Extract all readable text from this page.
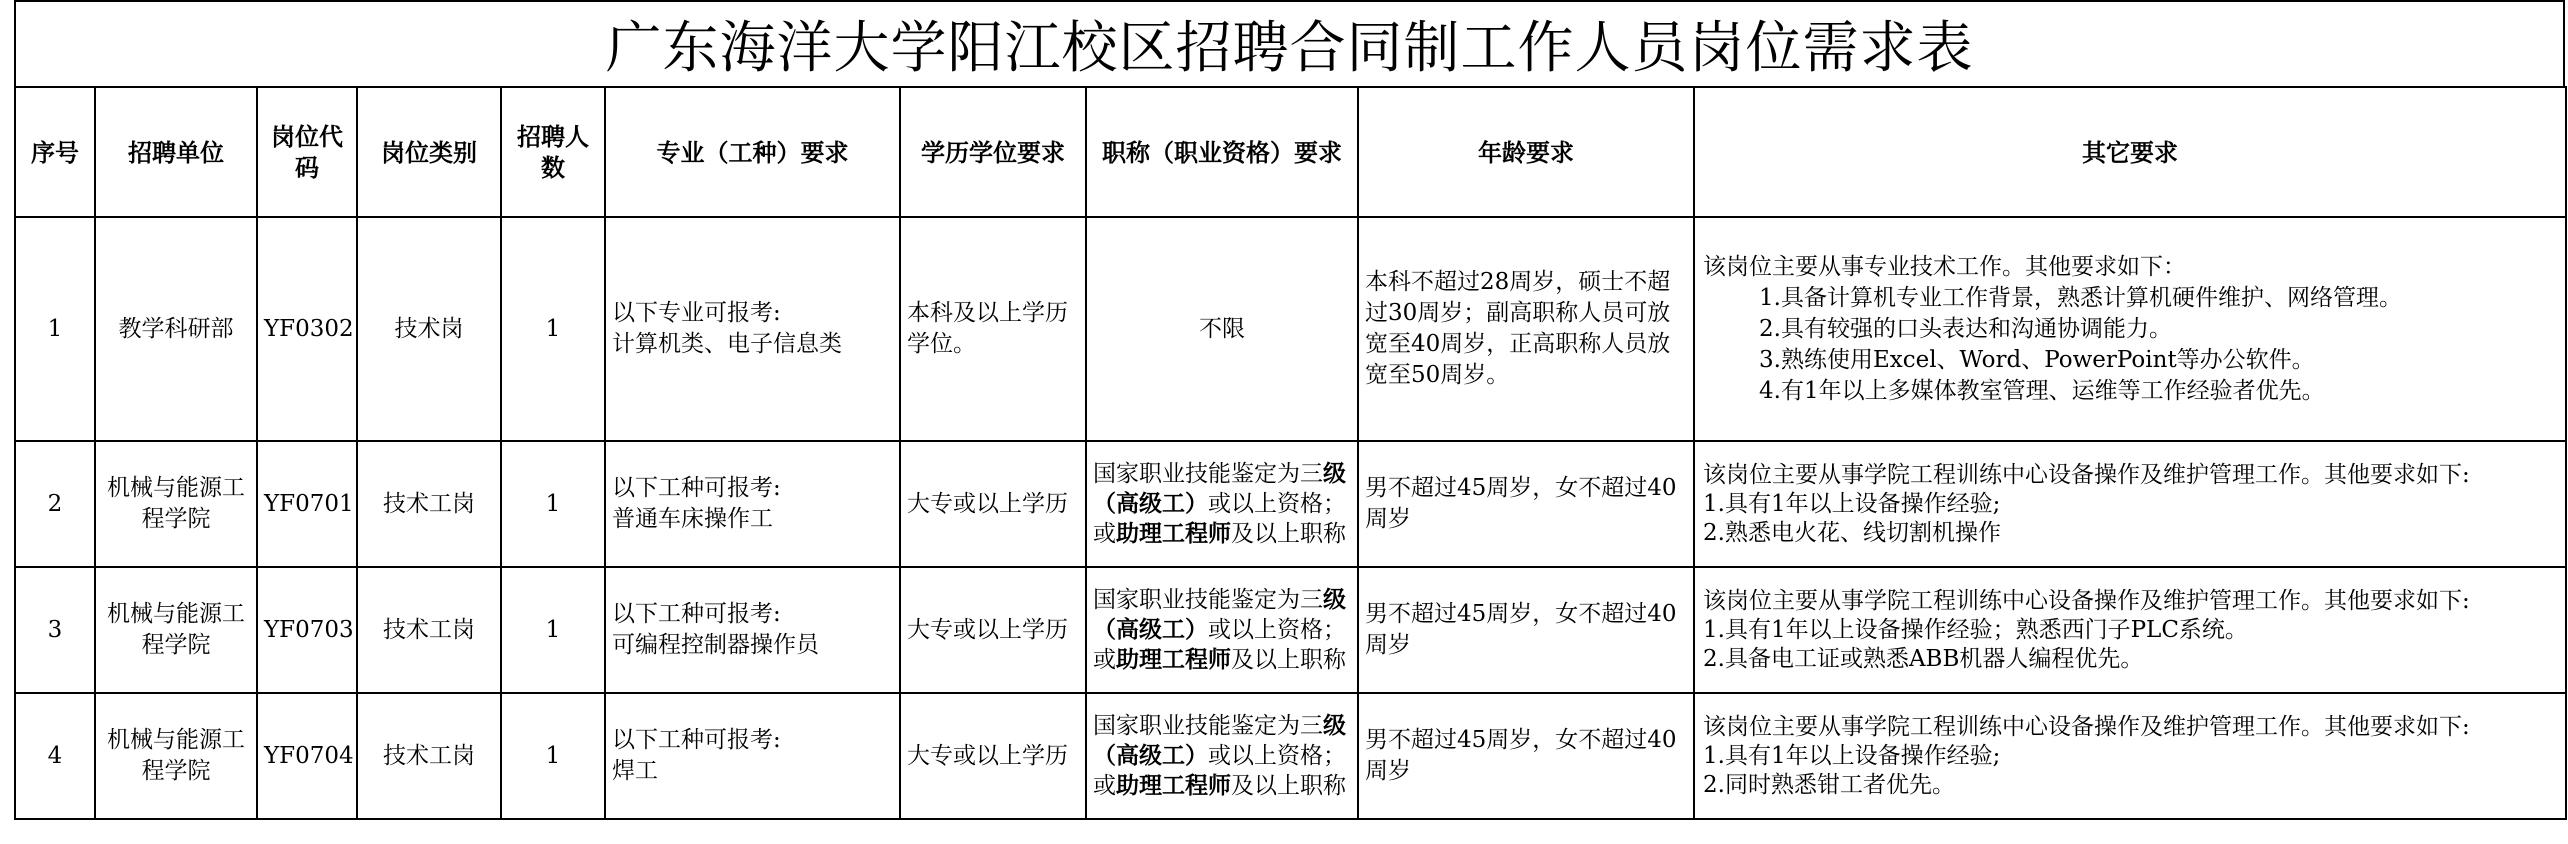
广东海洋大学阳江校区招聘合同制工作人员岗位需求表
序号	招聘单位	岗位代码	岗位类别	招聘人数	专业（工种）要求	学历学位要求	职称（职业资格）要求	年龄要求	其它要求
1	教学科研部	YF0302	技术岗	1	以下专业可报考:
计算机类、电子信息类	本科及以上学历学位。	不限	本科不超过28周岁，硕士不超过30周岁；副高职称人员可放宽至40周岁，正高职称人员放宽至50周岁。	该岗位主要从事专业技术工作。其他要求如下：
1.具备计算机专业工作背景，熟悉计算机硬件维护、网络管理。
2.具有较强的口头表达和沟通协调能力。
3.熟练使用Excel、Word、PowerPoint等办公软件。
4.有1年以上多媒体教室管理、运维等工作经验者优先。

2	机械与能源工程学院	YF0701	技术工岗	1	以下工种可报考:
普通车床操作工	大专或以上学历	国家职业技能鉴定为三级（高级工）或以上资格；或助理工程师及以上职称	男不超过45周岁，女不超过40周岁	该岗位主要从事学院工程训练中心设备操作及维护管理工作。其他要求如下:
1.具有1年以上设备操作经验;
2.熟悉电火花、线切割机操作

3	机械与能源工程学院	YF0703	技术工岗	1	以下工种可报考:
可编程控制器操作员	大专或以上学历	国家职业技能鉴定为三级（高级工）或以上资格；或助理工程师及以上职称	男不超过45周岁，女不超过40周岁	该岗位主要从事学院工程训练中心设备操作及维护管理工作。其他要求如下:
1.具有1年以上设备操作经验；熟悉西门子PLC系统。
2.具备电工证或熟悉ABB机器人编程优先。

4	机械与能源工程学院	YF0704	技术工岗	1	以下工种可报考:
焊工	大专或以上学历	国家职业技能鉴定为三级（高级工）或以上资格；或助理工程师及以上职称	男不超过45周岁，女不超过40周岁	该岗位主要从事学院工程训练中心设备操作及维护管理工作。其他要求如下:
1.具有1年以上设备操作经验;
2.同时熟悉钳工者优先。
